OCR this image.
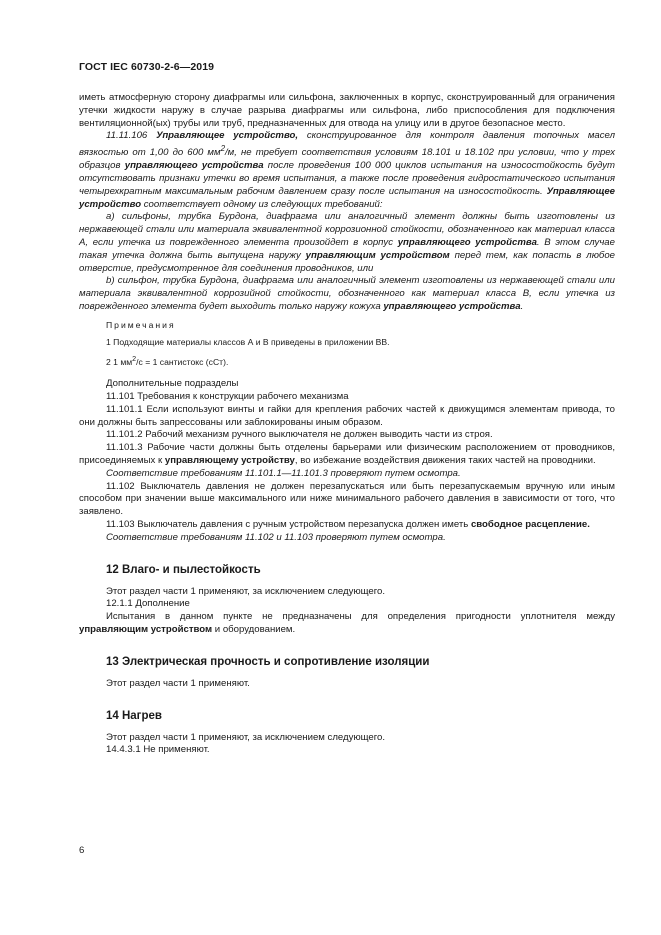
ГОСТ IEC 60730-2-6—2019

иметь атмосферную сторону диафрагмы или сильфона, заключенных в корпус, сконструированный для ограничения утечки жидкости наружу в случае разрыва диафрагмы или сильфона, либо приспособления для подключения вентиляционной(ых) трубы или труб, предназначенных для отвода на улицу или в другое безопасное место.

11.11.106 Управляющее устройство, сконструированное для контроля давления топочных масел вязкостью от 1,00 до 600 $мм^2/м$, не требует соответствия условиям 18.101 и 18.102 при условии, что у трех образцов управляющего устройства после проведения 100 000 циклов испытания на износостойкость будут отсутствовать признаки утечки во время испытания, а также после проведения гидростатического испытания четырехкратным максимальным рабочим давлением сразу после испытания на износостойкость. Управляющее устройство соответствует одному из следующих требований:

a) сильфоны, трубка Бурдона, диафрагма или аналогичный элемент должны быть изготовлены из нержавеющей стали или материала эквивалентной коррозионной стойкости, обозначенного как материал класса А, если утечка из поврежденного элемента произойдет в корпус управляющего устройства. В этом случае такая утечка должна быть выпущена наружу управляющим устройством перед тем, как попасть в любое отверстие, предусмотренное для соединения проводников, или

b) сильфон, трубка Бурдона, диафрагма или аналогичный элемент изготовлены из нержавеющей стали или материала эквивалентной коррозийной стойкости, обозначенного как материал класса В, если утечка из поврежденного элемента будет выходить только наружу кожуха управляющего устройства.

Примечания

1 Подходящие материалы классов А и В приведены в приложении ВВ.

2 1 $мм^2/с = 1$ сантистокс (сСт).

Дополнительные подразделы

11.101 Требования к конструкции рабочего механизма

11.101.1 Если используют винты и гайки для крепления рабочих частей к движущимся элементам привода, то они должны быть запрессованы или заблокированы иным образом.

11.101.2 Рабочий механизм ручного выключателя не должен выводить части из строя.

11.101.3 Рабочие части должны быть отделены барьерами или физическим расположением от проводников, присоединяемых к управляющему устройству, во избежание воздействия движения таких частей на проводники.

Соответствие требованиям 11.101.1—11.101.3 проверяют путем осмотра.

11.102 Выключатель давления не должен перезапускаться или быть перезапускаемым вручную или иным способом при значении выше максимального или ниже минимального рабочего давления в зависимости от того, что заявлено.

11.103 Выключатель давления с ручным устройством перезапуска должен иметь свободное расцепление.

Соответствие требованиям 11.102 и 11.103 проверяют путем осмотра.

12 Влаго- и пылестойкость

Этот раздел части 1 применяют, за исключением следующего.

12.1.1 Дополнение

Испытания в данном пункте не предназначены для определения пригодности уплотнителя между управляющим устройством и оборудованием.

13 Электрическая прочность и сопротивление изоляции

Этот раздел части 1 применяют.

14 Нагрев

Этот раздел части 1 применяют, за исключением следующего.

14.4.3.1 Не применяют.

6
